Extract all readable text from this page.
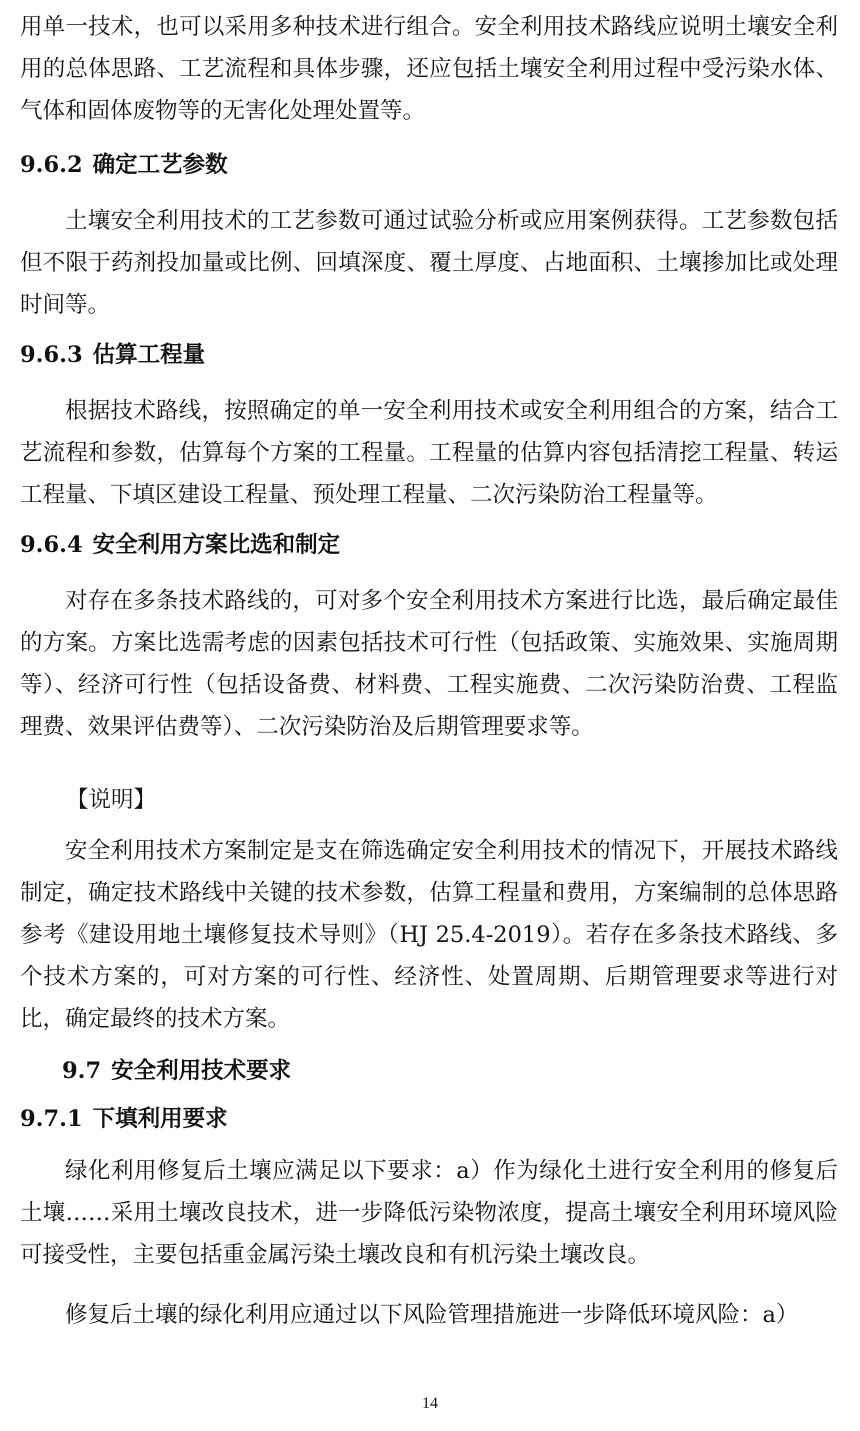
用单一技术，也可以采用多种技术进行组合。安全利用技术路线应说明土壤安全利用的总体思路、工艺流程和具体步骤，还应包括土壤安全利用过程中受污染水体、气体和固体废物等的无害化处理处置等。

9.6.2 确定工艺参数

土壤安全利用技术的工艺参数可通过试验分析或应用案例获得。工艺参数包括但不限于药剂投加量或比例、回填深度、覆土厚度、占地面积、土壤掺加比或处理时间等。

9.6.3 估算工程量

根据技术路线，按照确定的单一安全利用技术或安全利用组合的方案，结合工艺流程和参数，估算每个方案的工程量。工程量的估算内容包括清挖工程量、转运工程量、下填区建设工程量、预处理工程量、二次污染防治工程量等。

9.6.4 安全利用方案比选和制定

对存在多条技术路线的，可对多个安全利用技术方案进行比选，最后确定最佳的方案。方案比选需考虑的因素包括技术可行性（包括政策、实施效果、实施周期等）、经济可行性（包括设备费、材料费、工程实施费、二次污染防治费、工程监理费、效果评估费等）、二次污染防治及后期管理要求等。

【说明】

安全利用技术方案制定是支在筛选确定安全利用技术的情况下，开展技术路线制定，确定技术路线中关键的技术参数，估算工程量和费用，方案编制的总体思路参考《建设用地土壤修复技术导则》（HJ 25.4-2019）。若存在多条技术路线、多个技术方案的，可对方案的可行性、经济性、处置周期、后期管理要求等进行对比，确定最终的技术方案。

9.7 安全利用技术要求
9.7.1 下填利用要求

绿化利用修复后土壤应满足以下要求：a）作为绿化土进行安全利用的修复后土壤……采用土壤改良技术，进一步降低污染物浓度，提高土壤安全利用环境风险可接受性，主要包括重金属污染土壤改良和有机污染土壤改良。

修复后土壤的绿化利用应通过以下风险管理措施进一步降低环境风险：a）

14
